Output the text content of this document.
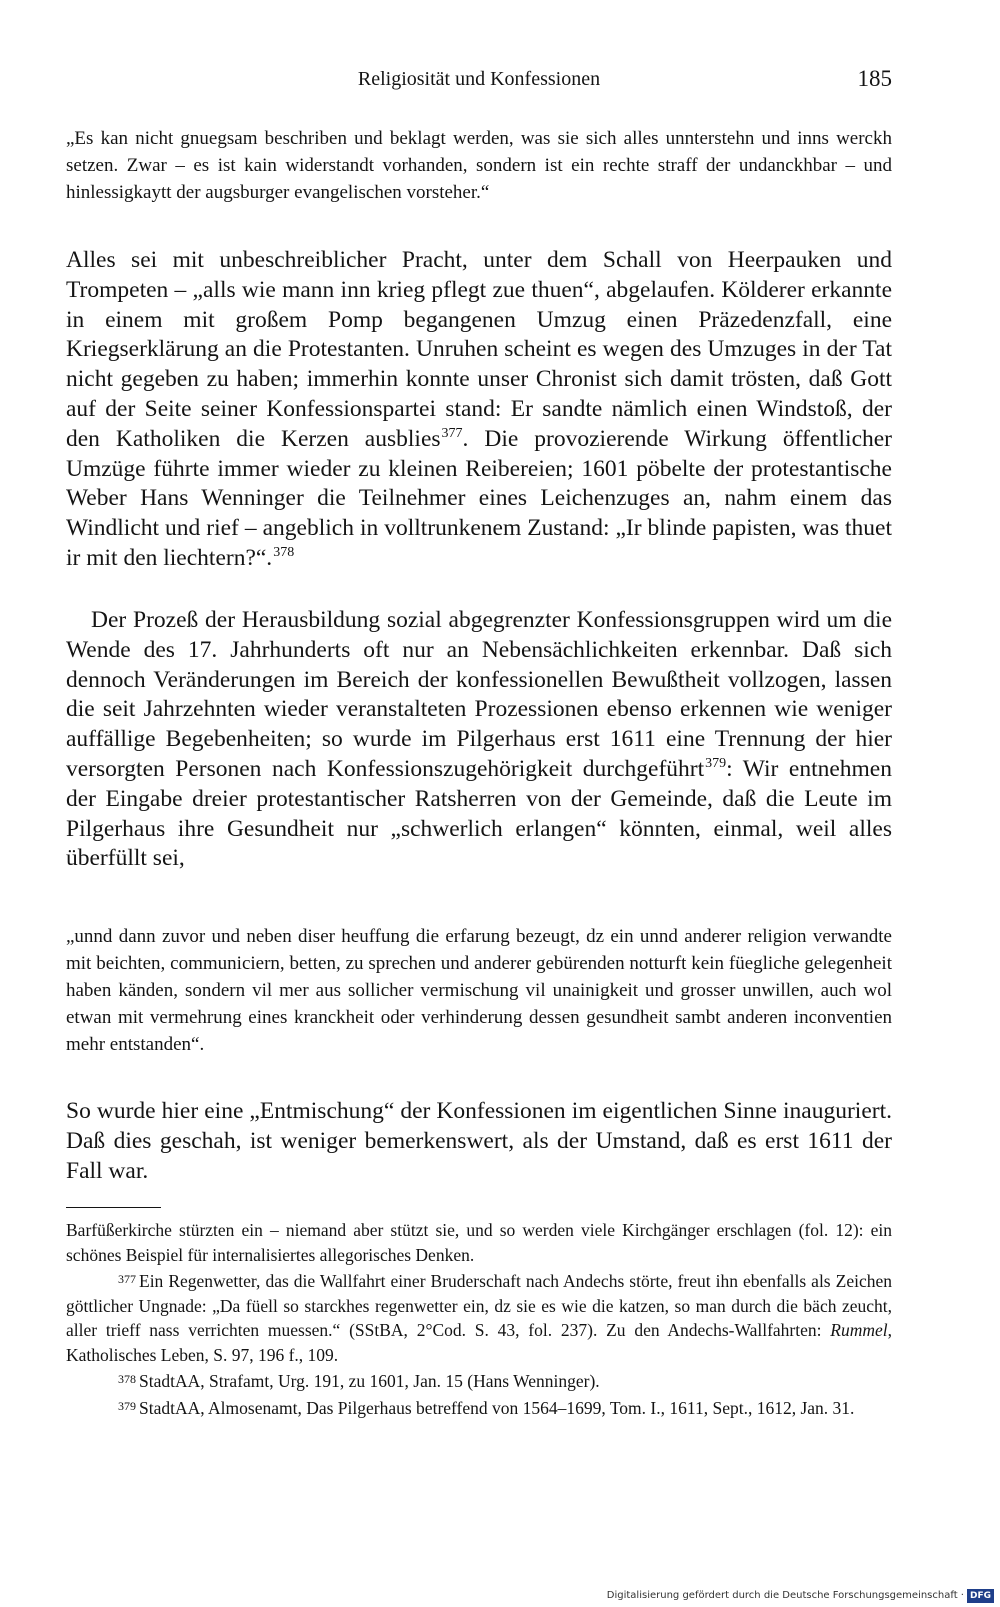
Religiosität und Konfessionen	185

„Es kan nicht gnuegsam beschriben und beklagt werden, was sie sich alles unnterstehn und inns werckh setzen. Zwar – es ist kain widerstandt vorhanden, sondern ist ein rechte straff der undanckhbar – und hinlessigkaytt der augsburger evangelischen vorsteher.“

Alles sei mit unbeschreiblicher Pracht, unter dem Schall von Heerpauken und Trompeten – „alls wie mann inn krieg pflegt zue thuen“, abgelaufen. Kölderer erkannte in einem mit großem Pomp begangenen Umzug einen Präzedenzfall, eine Kriegserklärung an die Protestanten. Unruhen scheint es wegen des Umzuges in der Tat nicht gegeben zu haben; immerhin konnte unser Chronist sich damit trösten, daß Gott auf der Seite seiner Konfessionspartei stand: Er sandte nämlich einen Windstoß, der den Katholiken die Kerzen ausblies$^{377}$. Die provozierende Wirkung öffentlicher Umzüge führte immer wieder zu kleinen Reibereien; 1601 pöbelte der protestantische Weber Hans Wenninger die Teilnehmer eines Leichenzuges an, nahm einem das Windlicht und rief – angeblich in volltrunkenem Zustand: „Ir blinde papisten, was thuet ir mit den liechtern?“.$^{378}$

Der Prozeß der Herausbildung sozial abgegrenzter Konfessionsgruppen wird um die Wende des 17. Jahrhunderts oft nur an Nebensächlichkeiten erkennbar. Daß sich dennoch Veränderungen im Bereich der konfessionellen Bewußtheit vollzogen, lassen die seit Jahrzehnten wieder veranstalteten Prozessionen ebenso erkennen wie weniger auffällige Begebenheiten; so wurde im Pilgerhaus erst 1611 eine Trennung der hier versorgten Personen nach Konfessionszugehörigkeit durchgeführt$^{379}$: Wir entnehmen der Eingabe dreier protestantischer Ratsherren von der Gemeinde, daß die Leute im Pilgerhaus ihre Gesundheit nur „schwerlich erlangen“ könnten, einmal, weil alles überfüllt sei,

„unnd dann zuvor und neben diser heuffung die erfarung bezeugt, dz ein unnd anderer religion verwandte mit beichten, communiciern, betten, zu sprechen und anderer gebürenden notturft kein füegliche gelegenheit haben känden, sondern vil mer aus sollicher vermischung vil unainigkeit und grosser unwillen, auch wol etwan mit vermehrung eines kranckheit oder verhinderung dessen gesundheit sambt anderen inconventien mehr entstanden“.

So wurde hier eine „Entmischung“ der Konfessionen im eigentlichen Sinne inauguriert. Daß dies geschah, ist weniger bemerkenswert, als der Umstand, daß es erst 1611 der Fall war.

Barfüßerkirche stürzten ein – niemand aber stützt sie, und so werden viele Kirchgänger erschlagen (fol. 12): ein schönes Beispiel für internalisiertes allegorisches Denken.

$^{377}$ Ein Regenwetter, das die Wallfahrt einer Bruderschaft nach Andechs störte, freut ihn ebenfalls als Zeichen göttlicher Ungnade: „Da füell so starckhes regenwetter ein, dz sie es wie die katzen, so man durch die bäch zeucht, aller trieff nass verrichten muessen.“ (SStBA, 2°Cod. S. 43, fol. 237). Zu den Andechs-Wallfahrten: Rummel, Katholisches Leben, S. 97, 196 f., 109.

$^{378}$ StadtAA, Strafamt, Urg. 191, zu 1601, Jan. 15 (Hans Wenninger).

$^{379}$ StadtAA, Almosenamt, Das Pilgerhaus betreffend von 1564–1699, Tom. I., 1611, Sept., 1612, Jan. 31.

Digitalisierung gefördert durch die Deutsche Forschungsgemeinschaft · DFG
